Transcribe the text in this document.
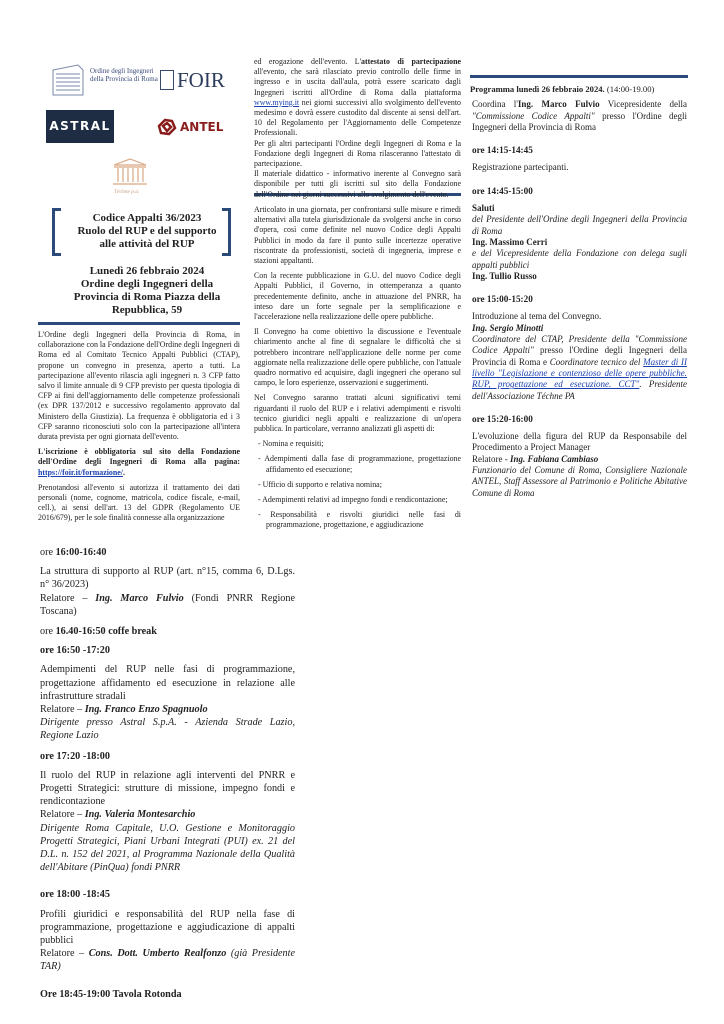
Ordine degli Ingegneri della Provincia di Roma FOIR
ASTRAL	ANTEL
Téchne p.a.
Codice Appalti 36/2023
Ruolo del RUP e del supporto
alle attività del RUP
Lunedì 26 febbraio 2024
Ordine degli Ingegneri della
Provincia di Roma Piazza della
Repubblica, 59

L'Ordine degli Ingegneri della Provincia di Roma, in collaborazione con la Fondazione dell'Ordine degli Ingegneri di Roma ed al Comitato Tecnico Appalti Pubblici (CTAP), propone un convegno in presenza, aperto a tutti. La partecipazione all'evento rilascia agli ingegneri n. 3 CFP fatto salvo il limite annuale di 9 CFP previsto per questa tipologia di CFP ai fini dell'aggiornamento delle competenze professionali (ex DPR 137/2012 e successivo regolamento approvato dal Ministero della Giustizia). La frequenza è obbligatoria ed i 3 CFP saranno riconosciuti solo con la partecipazione all'intera durata prevista per ogni giornata dell'evento.

L'iscrizione è obbligatoria sul sito della Fondazione dell'Ordine degli Ingegneri di Roma alla pagina: https://foir.it/formazione/.

Prenotandosi all'evento si autorizza il trattamento dei dati personali (nome, cognome, matricola, codice fiscale, e-mail, cell.), ai sensi dell'art. 13 del GDPR (Regolamento UE 2016/679), per le sole finalità connesse alla organizzazione

ed erogazione dell'evento. L'attestato di partecipazione all'evento, che sarà rilasciato previo controllo delle firme in ingresso e in uscita dall'aula, potrà essere scaricato dagli Ingegneri iscritti all'Ordine di Roma dalla piattaforma www.mying.it nei giorni successivi allo svolgimento dell'evento medesimo e dovrà essere custodito dal discente ai sensi dell'art. 10 del Regolamento per l'Aggiornamento delle Competenze Professionali.

Per gli altri partecipanti l'Ordine degli Ingegneri di Roma e la Fondazione degli Ingegneri di Roma rilasceranno l'attestato di partecipazione.

Il materiale didattico - informativo inerente al Convegno sarà disponibile per tutti gli iscritti sul sito della Fondazione dell'Ordine nei giorni successivi allo svolgimento dell'evento.

Articolato in una giornata, per confrontarsi sulle misure e rimedi alternativi alla tutela giurisdizionale da svolgersi anche in corso d'opera, così come definite nel nuovo Codice degli Appalti Pubblici in modo da fare il punto sulle incertezze operative riscontrate da professionisti, società di ingegneria, imprese e stazioni appaltanti.

Con la recente pubblicazione in G.U. del nuovo Codice degli Appalti Pubblici, il Governo, in ottemperanza a quanto precedentemente definito, anche in attuazione del PNRR, ha inteso dare un forte segnale per la semplificazione e l'accelerazione nella realizzazione delle opere pubbliche.

Il Convegno ha come obiettivo la discussione e l'eventuale chiarimento anche al fine di segnalare le difficoltà che si potrebbero incontrare nell'applicazione delle norme per come aggiornate nella realizzazione delle opere pubbliche, con l'attuale quadro normativo ed acquisire, dagli ingegneri che operano sul campo, le loro esperienze, osservazioni e suggerimenti.

Nel Convegno saranno trattati alcuni significativi temi riguardanti il ruolo del RUP e i relativi adempimenti e risvolti tecnico giuridici negli appalti e realizzazione di un'opera pubblica. In particolare, verranno analizzati gli aspetti di:

- Nomina e requisiti;
- Adempimenti dalla fase di programmazione, progettazione affidamento ed esecuzione;
- Ufficio di supporto e relativa nomina;
- Adempimenti relativi ad impegno fondi e rendicontazione;
- Responsabilità e risvolti giuridici nelle fasi di programmazione, progettazione, e aggiudicazione
Programma lunedì 26 febbraio 2024. (14:00-19.00)

Coordina l'Ing. Marco Fulvio Vicepresidente della "Commissione Codice Appalti" presso l'Ordine degli Ingegneri della Provincia di Roma

ore 14:15-14:45

Registrazione partecipanti.

ore 14:45-15:00
Saluti
del Presidente dell'Ordine degli Ingegneri della Provincia di Roma
Ing. Massimo Cerri
e del Vicepresidente della Fondazione con delega sugli appalti pubblici
Ing. Tullio Russo
ore 15:00-15:20
Introduzione al tema del Convegno.
Ing. Sergio Minotti

Coordinatore del CTAP, Presidente della "Commissione Codice Appalti" presso l'Ordine degli Ingegneri della Provincia di Roma e Coordinatore tecnico del Master di II livello "Legislazione e contenzioso delle opere pubbliche. RUP, progettazione ed esecuzione. CCT". Presidente dell'Associazione Téchne PA

ore 15:20-16:00
L'evoluzione della figura del RUP da Responsabile del Procedimento a Project Manager
Relatore - Ing. Fabiana Cambiaso
Funzionario del Comune di Roma, Consigliere Nazionale ANTEL, Staff Assessore al Patrimonio e Politiche Abitative Comune di Roma
ore 16:00-16:40

La struttura di supporto al RUP (art. n°15, comma 6, D.Lgs. n° 36/2023)
Relatore – Ing. Marco Fulvio (Fondi PNRR Regione Toscana)

ore 16.40-16:50 coffe break
ore 16:50 -17:20

Adempimenti del RUP nelle fasi di programmazione, progettazione affidamento ed esecuzione in relazione alle infrastrutture stradali
Relatore – Ing. Franco Enzo Spagnuolo
Dirigente presso Astral S.p.A. - Azienda Strade Lazio, Regione Lazio

ore 17:20 -18:00

Il ruolo del RUP in relazione agli interventi del PNRR e Progetti Strategici: strutture di missione, impegno fondi e rendicontazione
Relatore – Ing. Valeria Montesarchio
Dirigente Roma Capitale, U.O. Gestione e Monitoraggio Progetti Strategici, Piani Urbani Integrati (PUI) ex. 21 del D.L. n. 152 del 2021, al Programma Nazionale della Qualità dell'Abitare (PinQua) fondi PNRR

ore 18:00 -18:45

Profili giuridici e responsabilità del RUP nella fase di programmazione, progettazione e aggiudicazione di appalti pubblici
Relatore – Cons. Dott. Umberto Realfonzo (già Presidente TAR)

Ore 18:45-19:00 Tavola Rotonda
